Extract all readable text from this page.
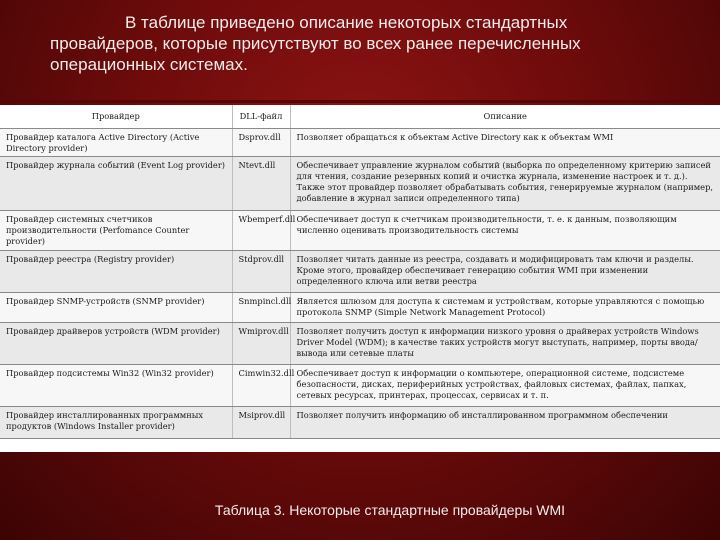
В таблице приведено описание некоторых стандартных
провайдеров, которые присутствуют во всех ранее перечисленных
операционных системах.
Провайдер	DLL-файл	Описание
Провайдер каталога Active Directory (Active Directory provider)	Dsprov.dll	Позволяет обращаться к объектам Active Directory как к объектам WMI
Провайдер журнала событий (Event Log provider)	Ntevt.dll	Обеспечивает управление журналом событий (выборка по определенному критерию записей для чтения, создание резервных копий и очистка журнала, изменение настроек и т. д.). Также этот провайдер позволяет обрабатывать события, генерируемые журналом (например, добавление в журнал записи определенного типа)
Провайдер системных счетчиков производительности (Perfomance Counter provider)	Wbemperf.dll	Обеспечивает доступ к счетчикам производительности, т. е. к данным, позволяющим численно оценивать производительность системы
Провайдер реестра (Registry provider)	Stdprov.dll	Позволяет читать данные из реестра, создавать и модифицировать там ключи и разделы. Кроме этого, провайдер обеспечивает генерацию события WMI при изменении определенного ключа или ветви реестра
Провайдер SNMP-устройств (SNMP provider)	Snmpincl.dll	Является шлюзом для доступа к системам и устройствам, которые управляются с помощью протокола SNMP (Simple Network Management Protocol)
Провайдер драйверов устройств (WDM provider)	Wmiprov.dll	Позволяет получить доступ к информации низкого уровня о драйверах устройств Windows Driver Model (WDM); в качестве таких устройств могут выступать, например, порты ввода/вывода или сетевые платы
Провайдер подсистемы Win32 (Win32 provider)	Cimwin32.dll	Обеспечивает доступ к информации о компьютере, операционной системе, подсистеме безопасности, дисках, периферийных устройствах, файловых системах, файлах, папках, сетевых ресурсах, принтерах, процессах, сервисах и т. п.
Провайдер инсталлированных программных продуктов (Windows Installer provider)	Msiprov.dll	Позволяет получить информацию об инсталлированном программном обеспечении
Таблица 3. Некоторые стандартные провайдеры WMI
